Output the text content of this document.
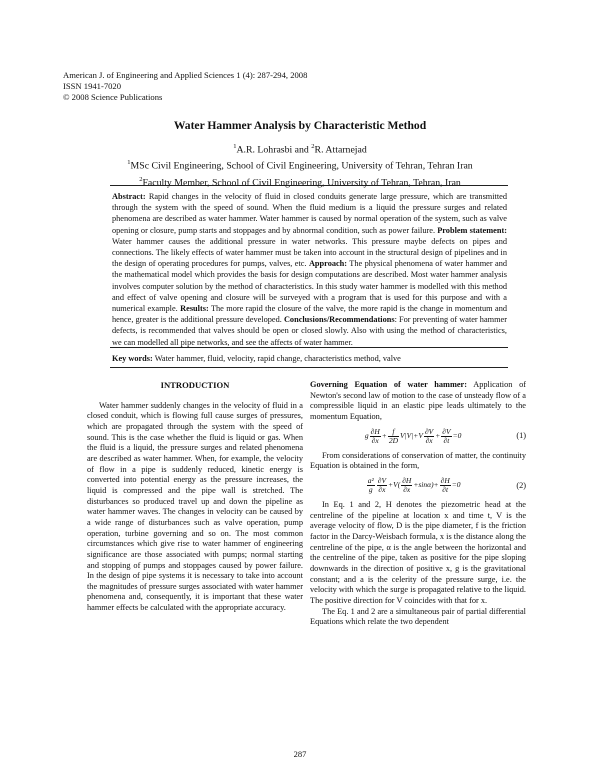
American J. of Engineering and Applied Sciences 1 (4): 287-294, 2008
ISSN 1941-7020
© 2008 Science Publications
Water Hammer Analysis by Characteristic Method
$^1$A.R. Lohrasbi and $^2$R. Attarnejad
$^1$MSc Civil Engineering, School of Civil Engineering, University of Tehran, Tehran Iran
$^2$Faculty Member, School of Civil Engineering, University of Tehran, Tehran, Iran
Abstract: Rapid changes in the velocity of fluid in closed conduits generate large pressure, which are transmitted through the system with the speed of sound. When the fluid medium is a liquid the pressure surges and related phenomena are described as water hammer. Water hammer is caused by normal operation of the system, such as valve opening or closure, pump starts and stoppages and by abnormal condition, such as power failure. Problem statement: Water hammer causes the additional pressure in water networks. This pressure maybe defects on pipes and connections. The likely effects of water hammer must be taken into account in the structural design of pipelines and in the design of operating procedures for pumps, valves, etc. Approach: The physical phenomena of water hammer and the mathematical model which provides the basis for design computations are described. Most water hammer analysis involves computer solution by the method of characteristics. In this study water hammer is modelled with this method and effect of valve opening and closure will be surveyed with a program that is used for this purpose and with a numerical example. Results: The more rapid the closure of the valve, the more rapid is the change in momentum and hence, greater is the additional pressure developed. Conclusions/Recommendations: For preventing of water hammer defects, is recommended that valves should be open or closed slowly. Also with using the method of characteristics, we can modelled all pipe networks, and see the affects of water hammer.
Key words: Water hammer, fluid, velocity, rapid change, characteristics method, valve
INTRODUCTION

Water hammer suddenly changes in the velocity of fluid in a closed conduit, which is flowing full cause surges of pressures, which are propagated through the system with the speed of sound. This is the case whether the fluid is liquid or gas. When the fluid is a liquid, the pressure surges and related phenomena are described as water hammer. When, for example, the velocity of flow in a pipe is suddenly reduced, kinetic energy is converted into potential energy as the pressure increases, the liquid is compressed and the pipe wall is stretched. The disturbances so produced travel up and down the pipeline as water hammer waves. The changes in velocity can be caused by a wide range of disturbances such as valve operation, pump operation, turbine governing and so on. The most common circumstances which give rise to water hammer of engineering significance are those associated with pumps; normal starting and stopping of pumps and stoppages caused by power failure. In the design of pipe systems it is necessary to take into account the magnitudes of pressure surges associated with water hammer phenomena and, consequently, it is important that these water hammer effects be calculated with the appropriate accuracy.

Governing Equation of water hammer: Application of Newton's second law of motion to the case of unsteady flow of a compressible liquid in an elastic pipe leads ultimately to the momentum Equation,

g $\frac{\partial H}{\partial x} + \frac{f}{2D} V|V|+V \frac{\partial V}{\partial x} + \frac{\partial V}{\partial t} =0$	(1)

From considerations of conservation of matter, the continuity Equation is obtained in the form,

$\frac{\text{a²}}{g} \frac{\partial V}{\partial x} +V( \frac{\partial H}{\partial x} +\sin\alpha)+ \frac{\partial H}{\partial t} =0$	(2)

In Eq. 1 and 2, H denotes the piezometric head at the centreline of the pipeline at location x and time t, V is the average velocity of flow, D is the pipe diameter, f is the friction factor in the Darcy-Weisbach formula, x is the distance along the centreline of the pipe, α is the angle between the horizontal and the centreline of the pipe, taken as positive for the pipe sloping downwards in the direction of positive x, g is the gravitational constant; and a is the celerity of the pressure surge, i.e. the velocity with which the surge is propagated relative to the liquid. The positive direction for V coincides with that for x.

The Eq. 1 and 2 are a simultaneous pair of partial differential Equations which relate the two dependent

287
